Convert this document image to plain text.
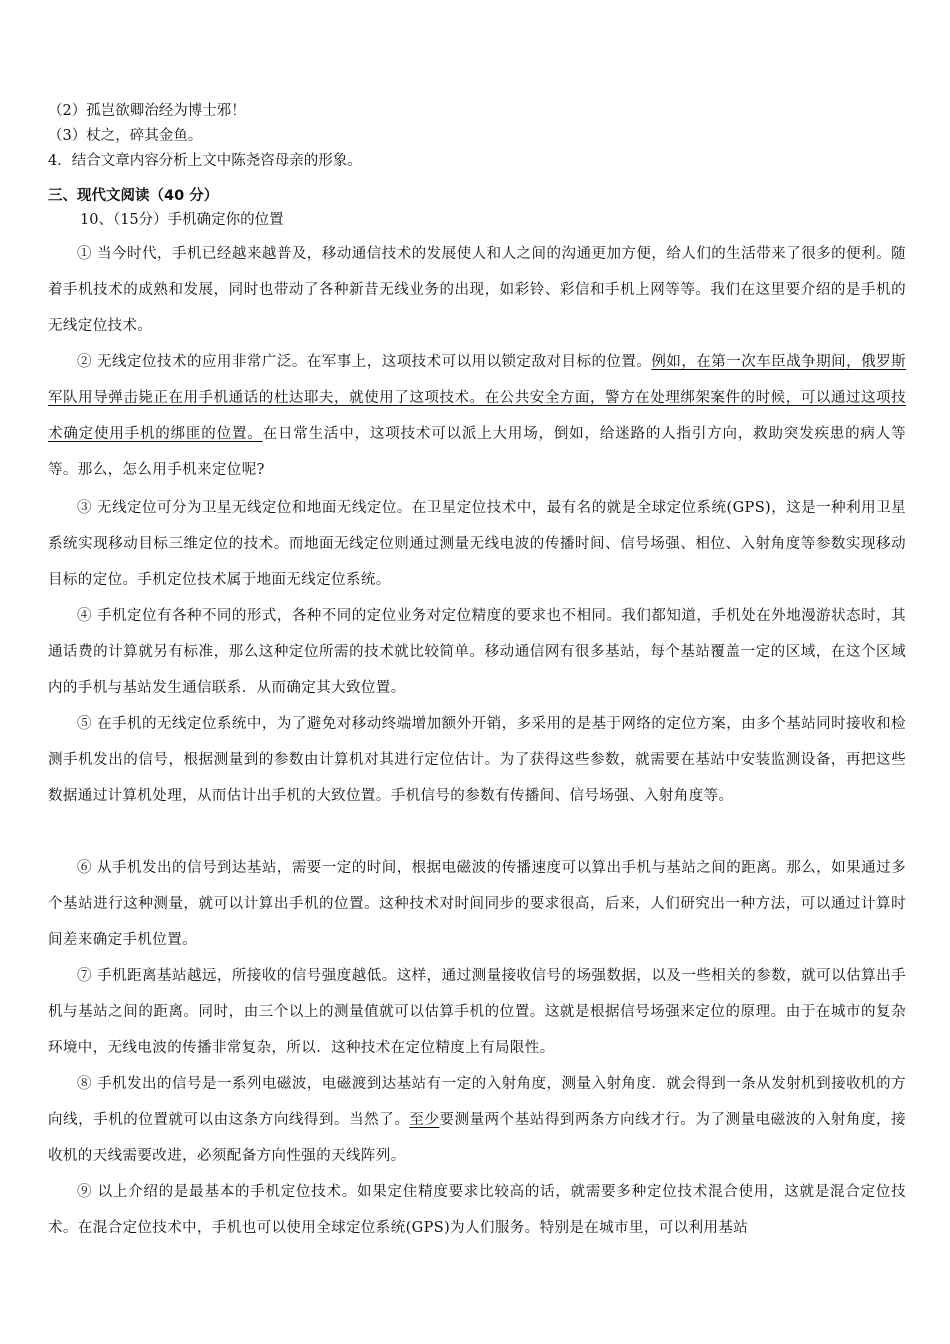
（2）孤岂欲卿治经为博士邪！
（3）杖之，碎其金鱼。
4．结合文章内容分析上文中陈尧咨母亲的形象。
三、现代文阅读（40 分）
10、（15分）手机确定你的位置
① 当今时代，手机已经越来越普及，移动通信技术的发展使人和人之间的沟通更加方便，给人们的生活带来了很多的便利。随着手机技术的成熟和发展，同时也带动了各种新昔无线业务的出现，如彩铃、彩信和手机上网等等。我们在这里要介绍的是手机的无线定位技术。
② 无线定位技术的应用非常广泛。在军事上，这项技术可以用以锁定敌对目标的位置。例如，在第一次车臣战争期间，俄罗斯军队用导弹击毙正在用手机通话的杜达耶夫，就使用了这项技术。在公共安全方面，警方在处理绑架案件的时候，可以通过这项技术确定使用手机的绑匪的位置。在日常生活中，这项技术可以派上大用场，倒如，给迷路的人指引方向，救助突发疾患的病人等等。那么，怎么用手机来定位呢?
③ 无线定位可分为卫星无线定位和地面无线定位。在卫星定位技术中，最有名的就是全球定位系统(GPS)，这是一种利用卫星系统实现移动目标三维定位的技术。而地面无线定位则通过测量无线电波的传播时间、信号场强、相位、入射角度等参数实现移动目标的定位。手机定位技术属于地面无线定位系统。
④ 手机定位有各种不同的形式，各种不同的定位业务对定位精度的要求也不相同。我们都知道，手机处在外地漫游状态时，其通话费的计算就另有标准，那么这种定位所需的技术就比较简单。移动通信网有很多基站，每个基站覆盖一定的区域，在这个区域内的手机与基站发生通信联系．从而确定其大致位置。
⑤ 在手机的无线定位系统中，为了避免对移动终端增加额外开销，多采用的是基于网络的定位方案，由多个基站同时接收和检测手机发出的信号，根据测量到的参数由计算机对其进行定位估计。为了获得这些参数，就需要在基站中安装监测设备，再把这些数据通过计算机处理，从而估计出手机的大致位置。手机信号的参数有传播间、信号场强、入射角度等。
⑥ 从手机发出的信号到达基站，需要一定的时间，根据电磁波的传播速度可以算出手机与基站之间的距离。那么，如果通过多个基站进行这种测量，就可以计算出手机的位置。这种技术对时间同步的要求很高，后来，人们研究出一种方法，可以通过计算时间差来确定手机位置。
⑦ 手机距离基站越远，所接收的信号强度越低。这样，通过测量接收信号的场强数据，以及一些相关的参数，就可以估算出手机与基站之间的距离。同时，由三个以上的测量值就可以估算手机的位置。这就是根据信号场强来定位的原理。由于在城市的复杂环境中，无线电波的传播非常复杂，所以．这种技术在定位精度上有局限性。
⑧ 手机发出的信号是一系列电磁波，电磁渡到达基站有一定的入射角度，测量入射角度．就会得到一条从发射机到接收机的方向线，手机的位置就可以由这条方向线得到。当然了。至少要测量两个基站得到两条方向线才行。为了测量电磁波的入射角度，接收机的天线需要改进，必须配备方向性强的天线阵列。
⑨ 以上介绍的是最基本的手机定位技术。如果定住精度要求比较高的话，就需要多种定位技术混合使用，这就是混合定位技术。在混合定位技术中，手机也可以使用全球定位系统(GPS)为人们服务。特别是在城市里，可以利用基站
